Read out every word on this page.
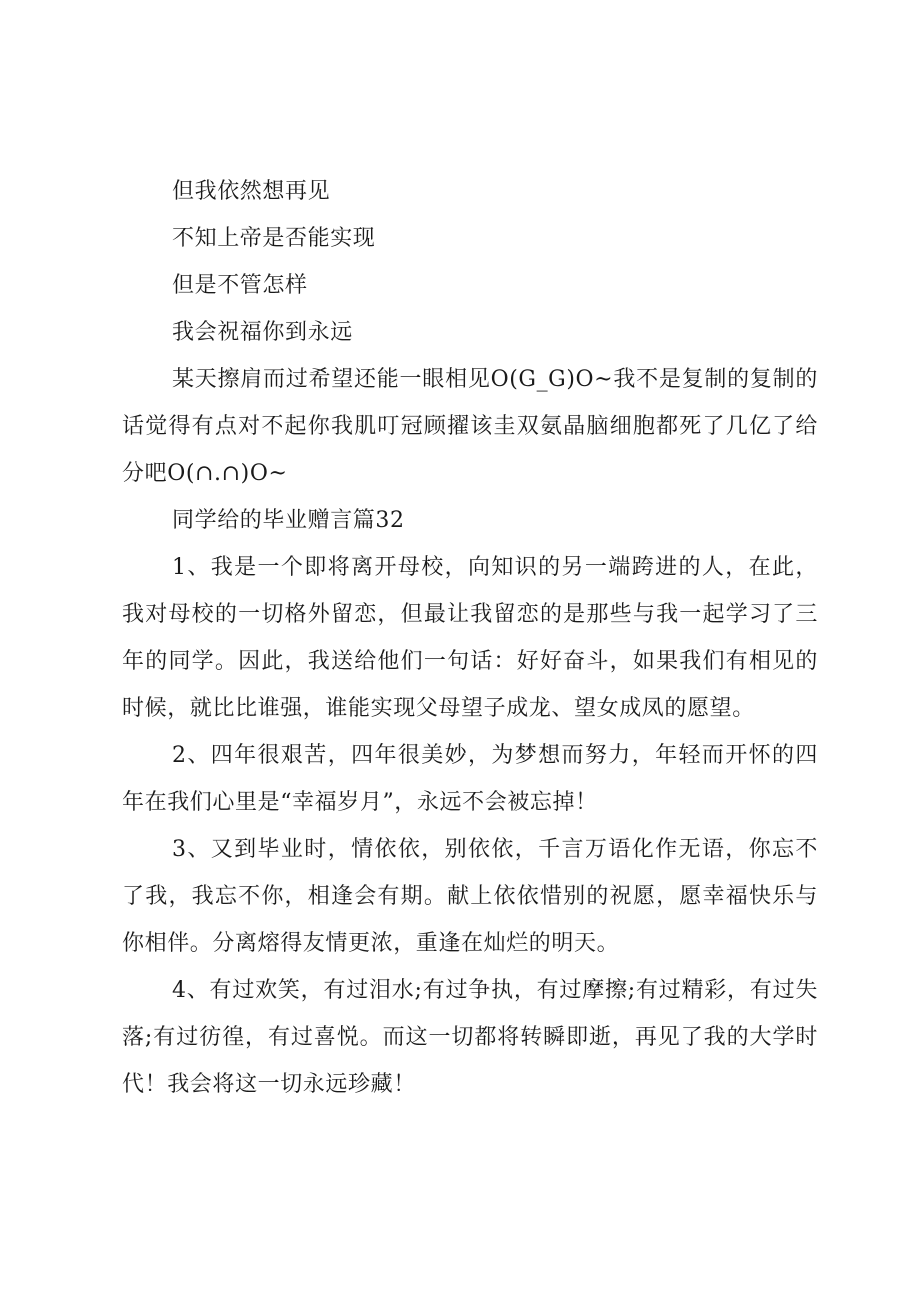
但我依然想再见

不知上帝是否能实现

但是不管怎样

我会祝福你到永远

某天擦肩而过希望还能一眼相见O(G_G)O~我不是复制的复制的话觉得有点对不起你我肌叮冠顾擢该圭双氨晶脑细胞都死了几亿了给分吧O(∩.∩)O~

同学给的毕业赠言篇32

1、我是一个即将离开母校，向知识的另一端跨进的人，在此，我对母校的一切格外留恋，但最让我留恋的是那些与我一起学习了三年的同学。因此，我送给他们一句话：好好奋斗，如果我们有相见的时候，就比比谁强，谁能实现父母望子成龙、望女成凤的愿望。

2、四年很艰苦，四年很美妙，为梦想而努力，年轻而开怀的四年在我们心里是“幸福岁月”，永远不会被忘掉！

3、又到毕业时，情依依，别依依，千言万语化作无语，你忘不了我，我忘不你，相逢会有期。献上依依惜别的祝愿，愿幸福快乐与你相伴。分离熔得友情更浓，重逢在灿烂的明天。

4、有过欢笑，有过泪水;有过争执，有过摩擦;有过精彩，有过失落;有过彷徨，有过喜悦。而这一切都将转瞬即逝，再见了我的大学时代！我会将这一切永远珍藏！
